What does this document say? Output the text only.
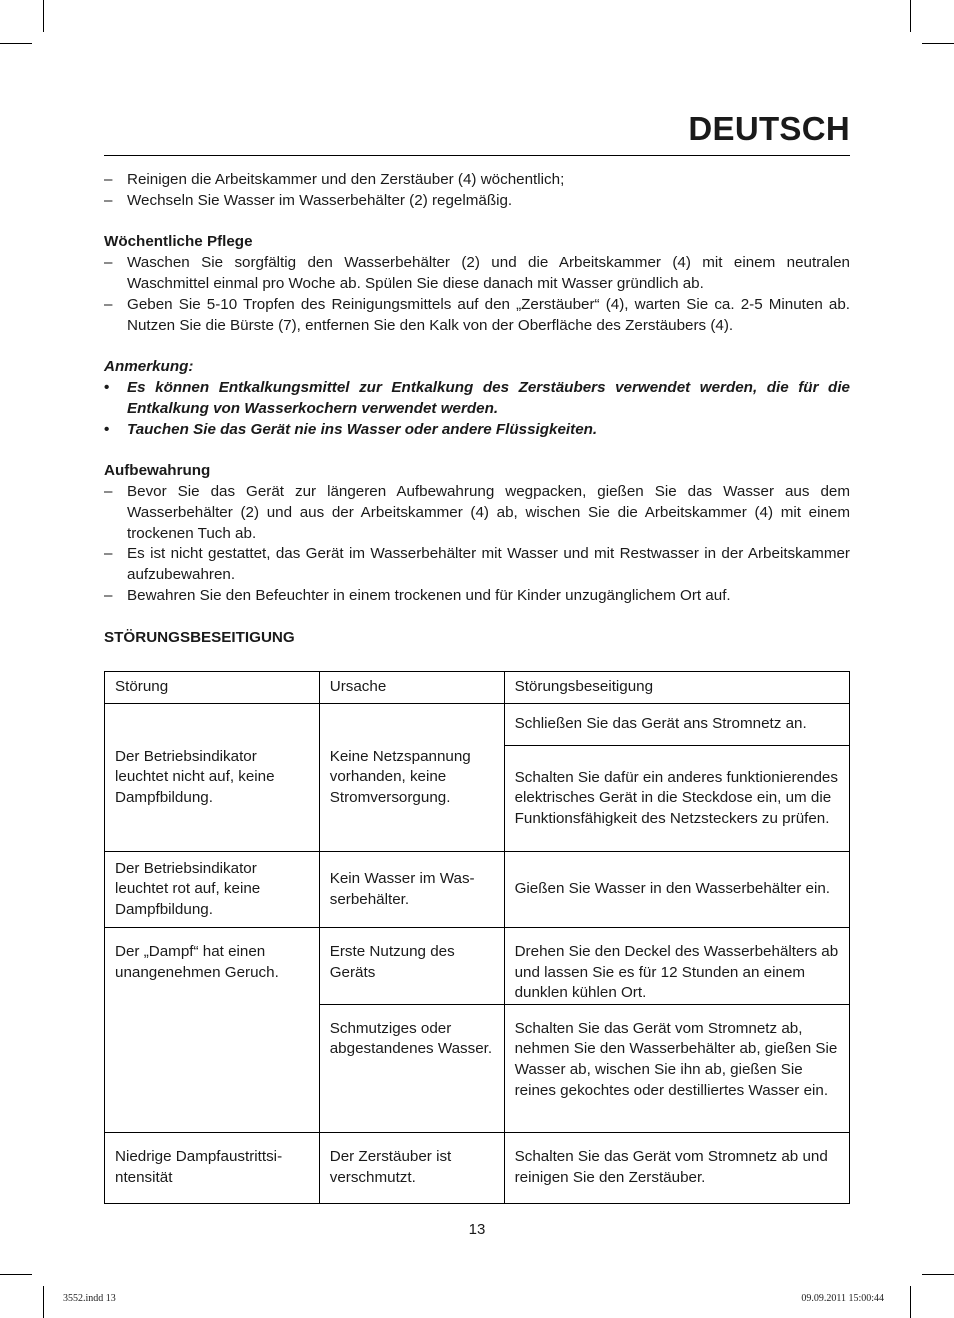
DEUTSCH
– Reinigen die Arbeitskammer und den Zerstäuber (4) wöchentlich;
– Wechseln Sie Wasser im Wasserbehälter (2) regelmäßig.
Wöchentliche Pflege
– Waschen Sie sorgfältig den Wasserbehälter (2) und die Arbeitskammer (4) mit einem neutralen Waschmittel einmal pro Woche ab. Spülen Sie diese danach mit Wasser gründlich ab.
– Geben Sie 5-10 Tropfen des Reinigungsmittels auf den „Zerstäuber“ (4), warten Sie ca. 2-5 Minuten ab. Nutzen Sie die Bürste (7), entfernen Sie den Kalk von der Oberfläche des Zerstäubers (4).
Anmerkung:
•	Es können Entkalkungsmittel zur Entkalkung des Zerstäubers verwendet werden, die für die Entkalkung von Wasserkochern verwendet werden.
•	Tauchen Sie das Gerät nie ins Wasser oder andere Flüssigkeiten.
Aufbewahrung
– Bevor Sie das Gerät zur längeren Aufbewahrung wegpacken, gießen Sie das Wasser aus dem Wasserbehälter (2) und aus der Arbeitskammer (4) ab, wischen Sie die Arbeitskammer (4) mit einem trockenen Tuch ab.
– Es ist nicht gestattet, das Gerät im Wasserbehälter mit Wasser und mit Restwasser in der Arbeitskammer aufzubewahren.
– Bewahren Sie den Befeuchter in einem trockenen und für Kinder unzugänglichem Ort auf.
STÖRUNGSBESEITIGUNG
Störung	Ursache	Störungsbeseitigung
Der Betriebsindikator leuchtet nicht auf, keine Dampfbildung.	Keine Netzspannung vorhanden, keine Stromversorgung.	Schließen Sie das Gerät ans Stromnetz an.
		Schalten Sie dafür ein anderes funktionierendes elektrisches Gerät in die Steckdose ein, um die Funktionsfähigkeit des Netzsteckers zu prüfen.
Der Betriebsindikator leuchtet rot auf, keine Dampfbildung.	Kein Wasser im Wasserbehälter.	Gießen Sie Wasser in den Wasserbehälter ein.
Der „Dampf“ hat einen unangenehmen Geruch.	Erste Nutzung des Geräts	Drehen Sie den Deckel des Wasserbehälters ab und lassen Sie es für 12 Stunden an einem dunklen kühlen Ort.
	Schmutziges oder abgestandenes Wasser.	Schalten Sie das Gerät vom Stromnetz ab, nehmen Sie den Wasserbehälter ab, gießen Sie Wasser ab, wischen Sie ihn ab, gießen Sie reines gekochtes oder destilliertes Wasser ein.
Niedrige Dampfaustrittsintensität	Der Zerstäuber ist verschmutzt.	Schalten Sie das Gerät vom Stromnetz ab und reinigen Sie den Zerstäuber.
13
3552.indd 13	09.09.2011 15:00:44
